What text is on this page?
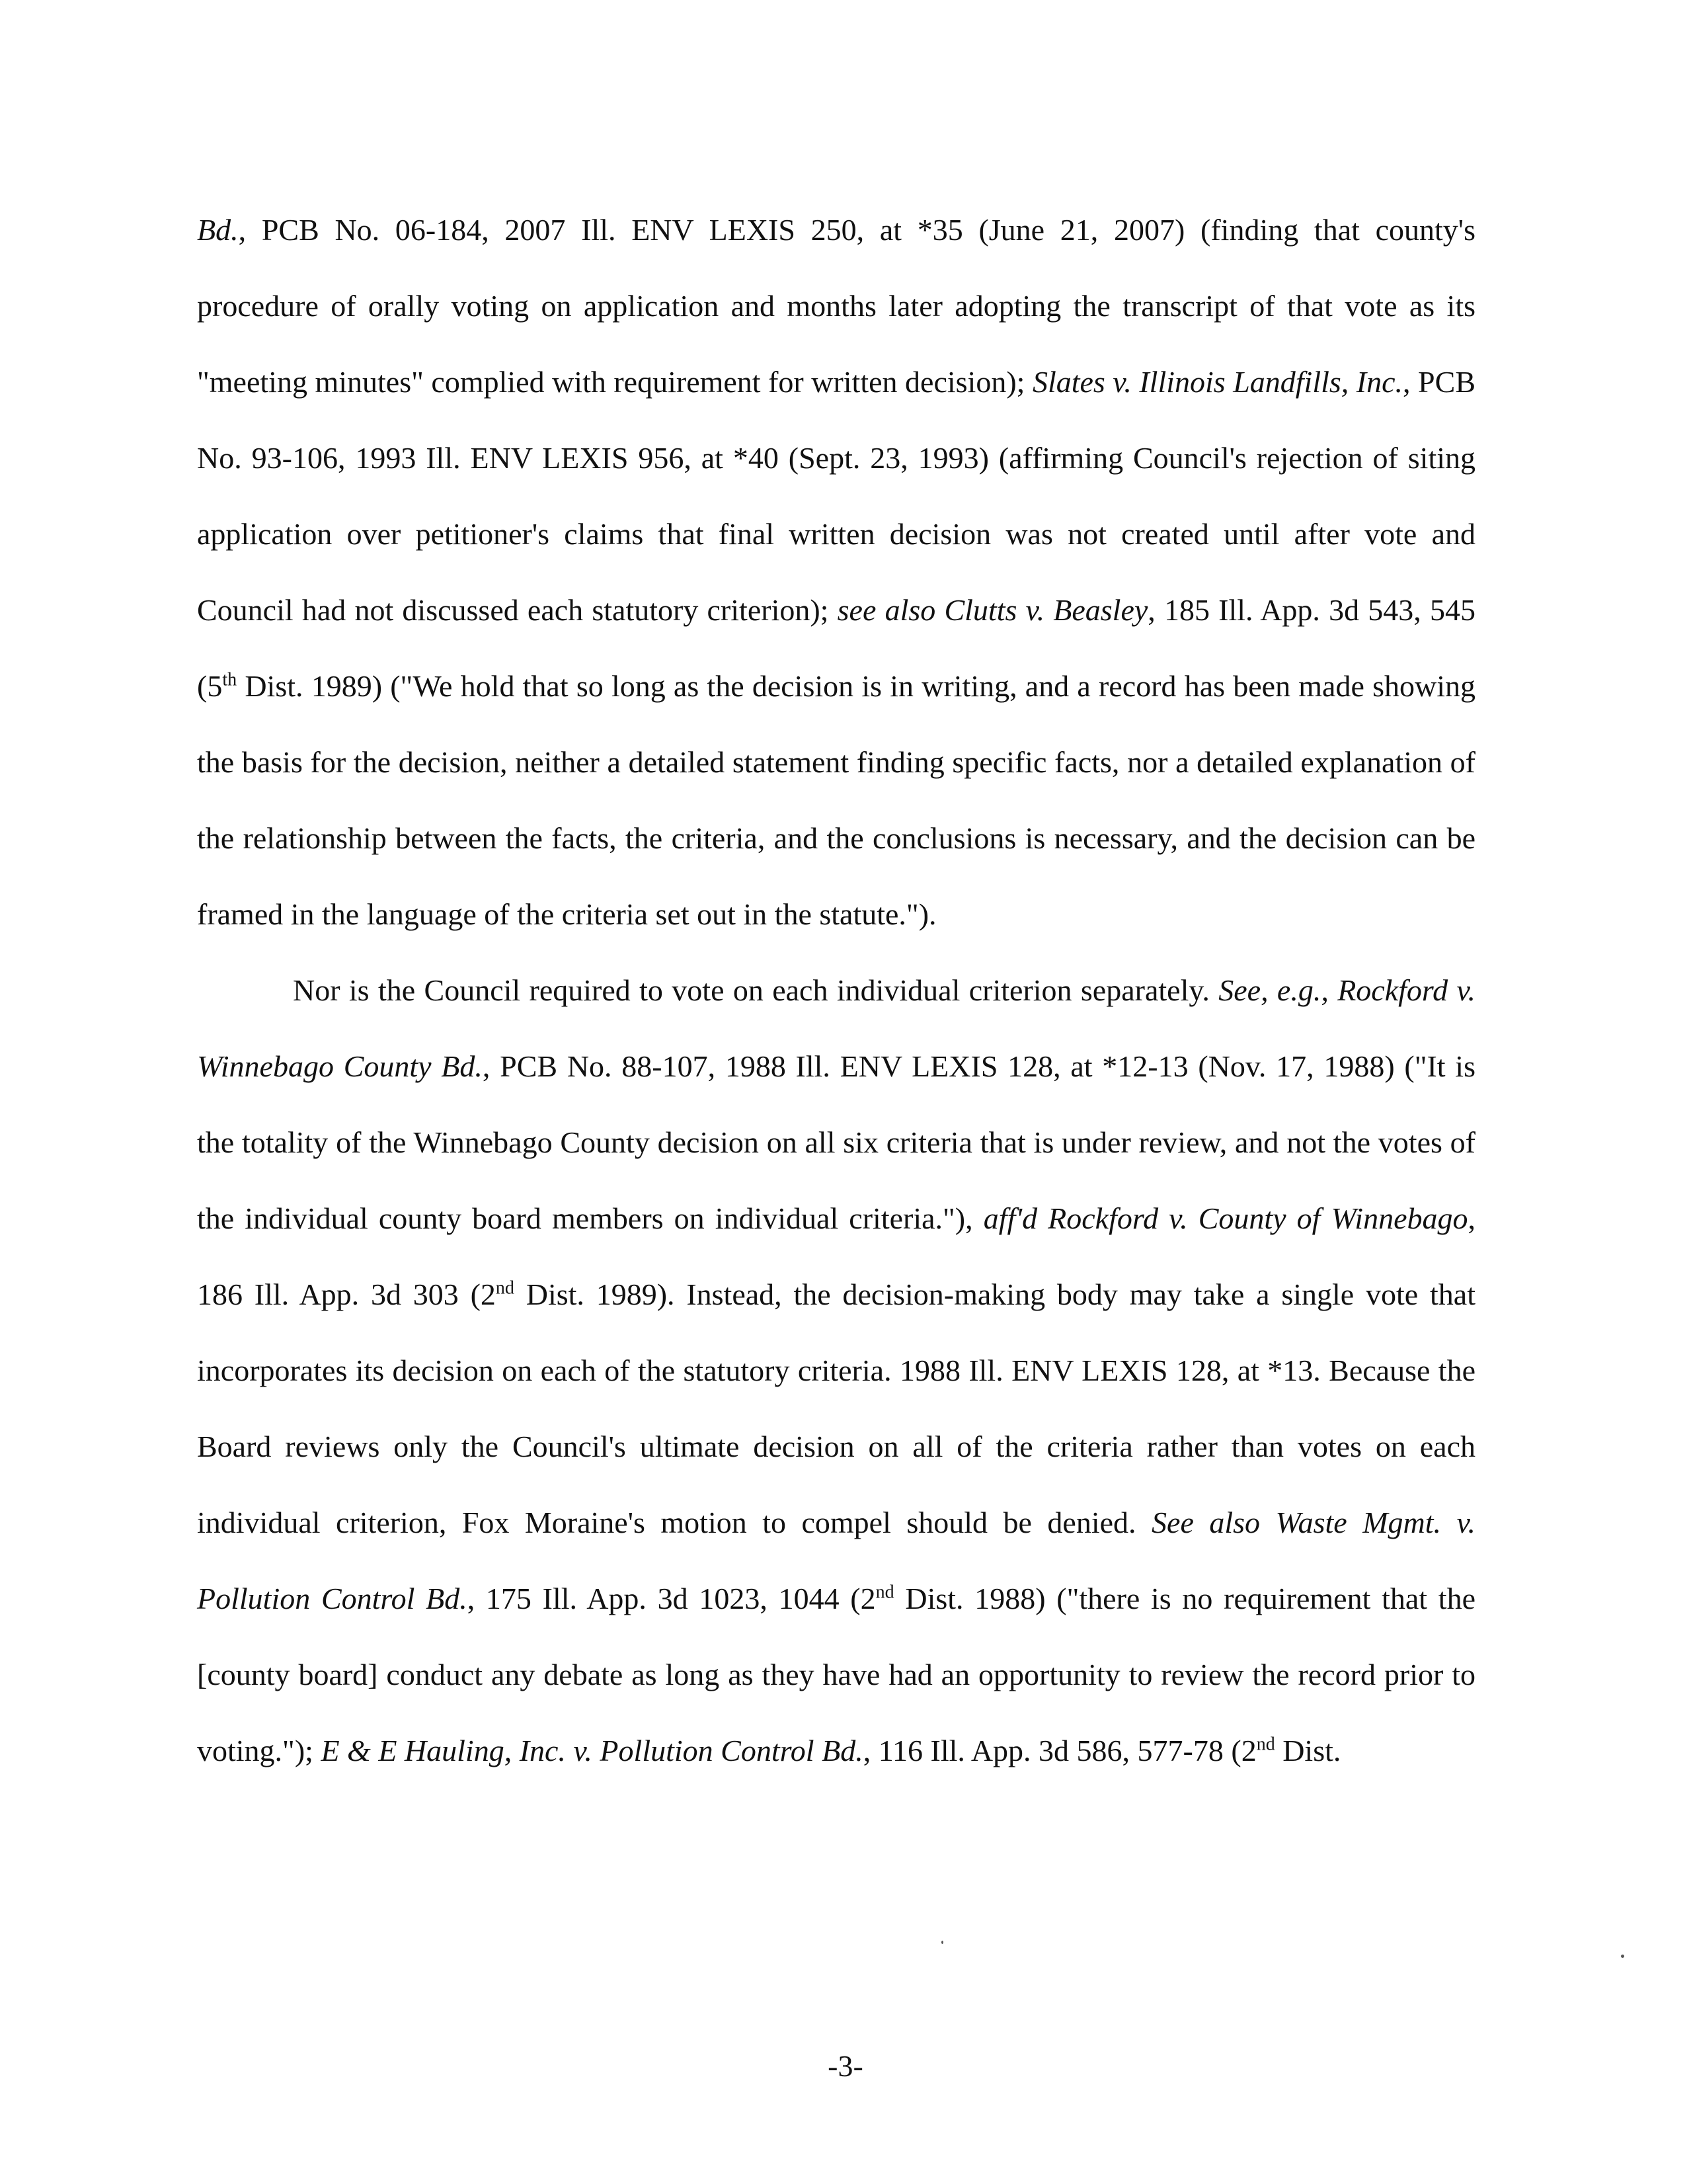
Bd., PCB No. 06-184, 2007 Ill. ENV LEXIS 250, at *35 (June 21, 2007) (finding that county's procedure of orally voting on application and months later adopting the transcript of that vote as its "meeting minutes" complied with requirement for written decision); Slates v. Illinois Landfills, Inc., PCB No. 93-106, 1993 Ill. ENV LEXIS 956, at *40 (Sept. 23, 1993) (affirming Council's rejection of siting application over petitioner's claims that final written decision was not created until after vote and Council had not discussed each statutory criterion); see also Clutts v. Beasley, 185 Ill. App. 3d 543, 545 (5th Dist. 1989) ("We hold that so long as the decision is in writing, and a record has been made showing the basis for the decision, neither a detailed statement finding specific facts, nor a detailed explanation of the relationship between the facts, the criteria, and the conclusions is necessary, and the decision can be framed in the language of the criteria set out in the statute.").

Nor is the Council required to vote on each individual criterion separately. See, e.g., Rockford v. Winnebago County Bd., PCB No. 88-107, 1988 Ill. ENV LEXIS 128, at *12-13 (Nov. 17, 1988) ("It is the totality of the Winnebago County decision on all six criteria that is under review, and not the votes of the individual county board members on individual criteria."), aff'd Rockford v. County of Winnebago, 186 Ill. App. 3d 303 (2nd Dist. 1989). Instead, the decision-making body may take a single vote that incorporates its decision on each of the statutory criteria. 1988 Ill. ENV LEXIS 128, at *13. Because the Board reviews only the Council's ultimate decision on all of the criteria rather than votes on each individual criterion, Fox Moraine's motion to compel should be denied. See also Waste Mgmt. v. Pollution Control Bd., 175 Ill. App. 3d 1023, 1044 (2nd Dist. 1988) ("there is no requirement that the [county board] conduct any debate as long as they have had an opportunity to review the record prior to voting."); E & E Hauling, Inc. v. Pollution Control Bd., 116 Ill. App. 3d 586, 577-78 (2nd Dist.

-3-
